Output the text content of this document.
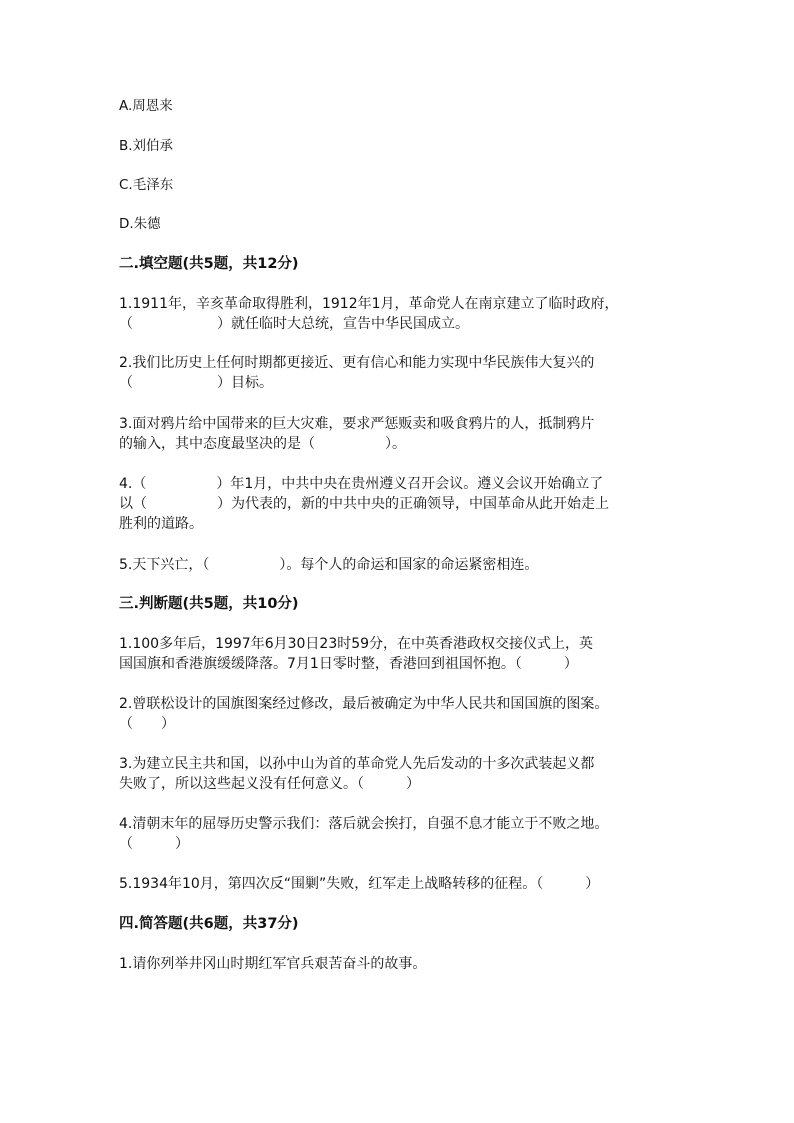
A.周恩来
B.刘伯承
C.毛泽东
D.朱德
二.填空题(共5题，共12分)
1.1911年，辛亥革命取得胜利，1912年1月，革命党人在南京建立了临时政府，
（　　　　　　）就任临时大总统，宣告中华民国成立。
2.我们比历史上任何时期都更接近、更有信心和能力实现中华民族伟大复兴的
（　　　　　　）目标。
3.面对鸦片给中国带来的巨大灾难，要求严惩贩卖和吸食鸦片的人，抵制鸦片
的输入，其中态度最坚决的是（　　　　　）。
4.（　　　　　）年1月，中共中央在贵州遵义召开会议。遵义会议开始确立了
以（　　　　　）为代表的，新的中共中央的正确领导，中国革命从此开始走上
胜利的道路。
5.天下兴亡，（　　　　　）。每个人的命运和国家的命运紧密相连。
三.判断题(共5题，共10分)
1.100多年后，1997年6月30日23时59分，在中英香港政权交接仪式上，英
国国旗和香港旗缓缓降落。7月1日零时整，香港回到祖国怀抱。（　　　）
2.曾联松设计的国旗图案经过修改，最后被确定为中华人民共和国国旗的图案。
（　　）
3.为建立民主共和国，以孙中山为首的革命党人先后发动的十多次武装起义都
失败了，所以这些起义没有任何意义。（　　　）
4.清朝末年的屈辱历史警示我们：落后就会挨打，自强不息才能立于不败之地。
（　　　）
5.1934年10月，第四次反“围剿”失败，红军走上战略转移的征程。（　　　）
四.简答题(共6题，共37分)
1.请你列举井冈山时期红军官兵艰苦奋斗的故事。
